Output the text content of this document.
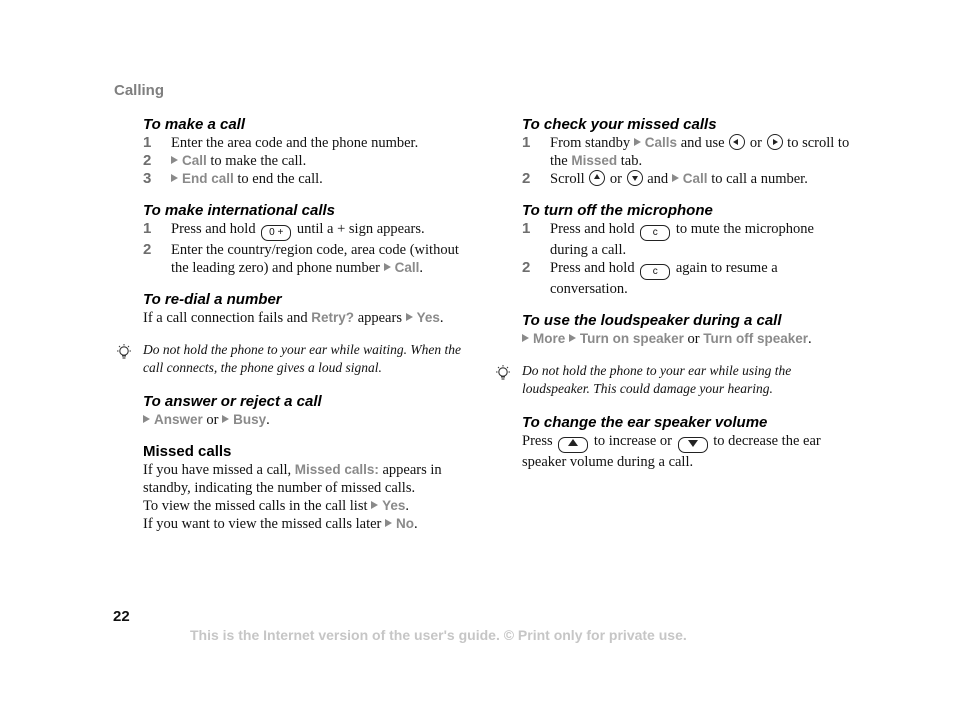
Calling
To make a call
1 Enter the area code and the phone number.
2 Call to make the call.
3 End call to end the call.
To make international calls
1 Press and hold 0 + until a + sign appears.
2 Enter the country/region code, area code (without the leading zero) and phone number Call.
To re-dial a number
If a call connection fails and Retry? appears Yes.
Do not hold the phone to your ear while waiting. When the call connects, the phone gives a loud signal.
To answer or reject a call
Answer or Busy.
Missed calls
If you have missed a call, Missed calls: appears in standby, indicating the number of missed calls.
To view the missed calls in the call list Yes.
If you want to view the missed calls later No.
To check your missed calls
1 From standby Calls and use  or  to scroll to the Missed tab.
2 Scroll  or  and Call to call a number.
To turn off the microphone
1 Press and hold c to mute the microphone during a call.
2 Press and hold c again to resume a conversation.
To use the loudspeaker during a call
More Turn on speaker or Turn off speaker.
Do not hold the phone to your ear while using the loudspeaker. This could damage your hearing.
To change the ear speaker volume
Press  to increase or  to decrease the ear speaker volume during a call.
22
This is the Internet version of the user's guide. © Print only for private use.
